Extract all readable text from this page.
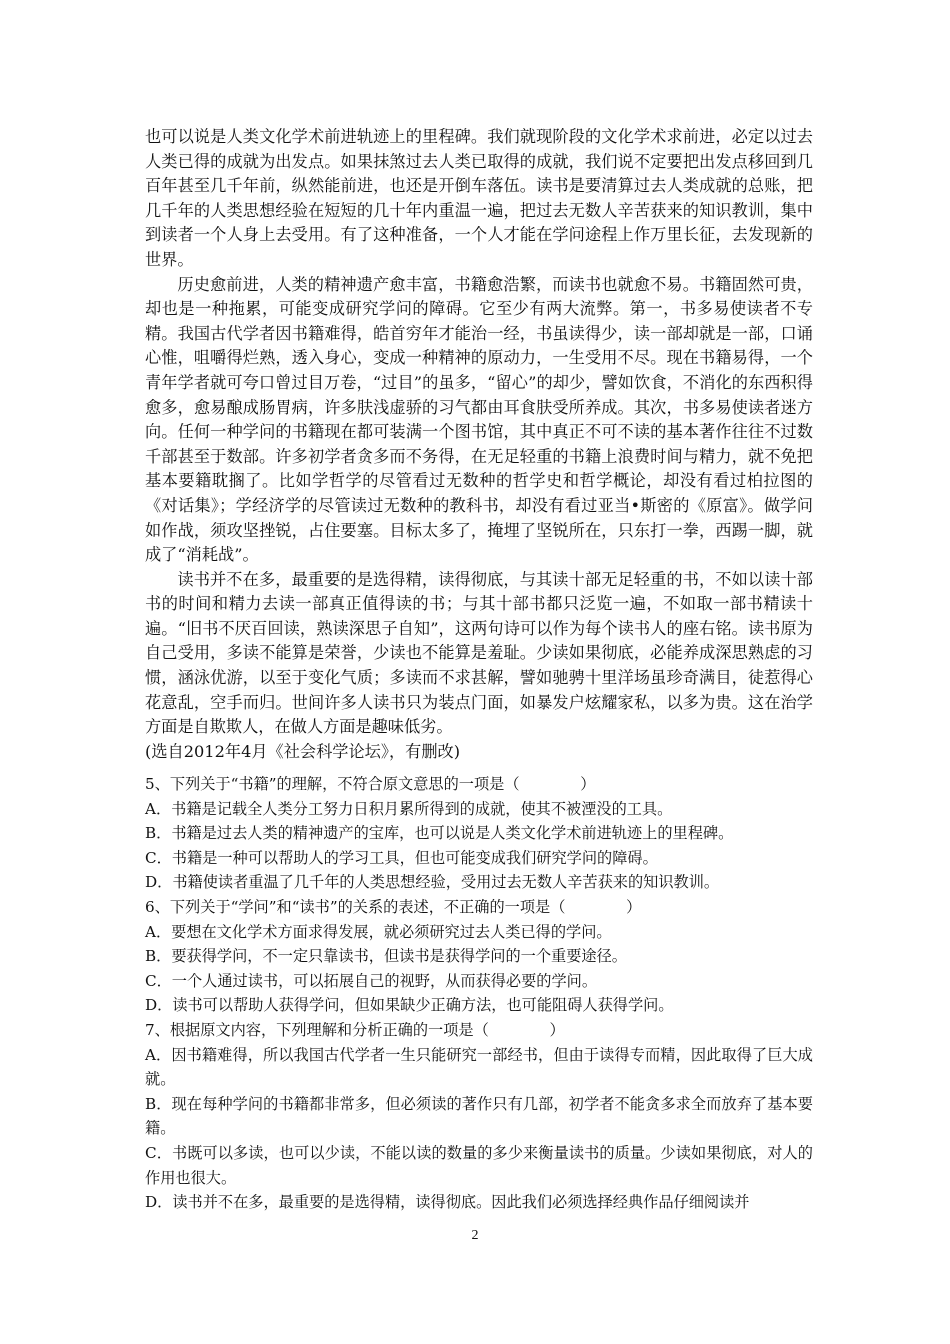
也可以说是人类文化学术前进轨迹上的里程碑。我们就现阶段的文化学术求前进，必定以过去人类已得的成就为出发点。如果抹煞过去人类已取得的成就，我们说不定要把出发点移回到几百年甚至几千年前，纵然能前进，也还是开倒车落伍。读书是要清算过去人类成就的总账，把几千年的人类思想经验在短短的几十年内重温一遍，把过去无数人辛苦获来的知识教训，集中到读者一个人身上去受用。有了这种准备，一个人才能在学问途程上作万里长征，去发现新的世界。

历史愈前进，人类的精神遗产愈丰富，书籍愈浩繁，而读书也就愈不易。书籍固然可贵，却也是一种拖累，可能变成研究学问的障碍。它至少有两大流弊。第一，书多易使读者不专精。我国古代学者因书籍难得，皓首穷年才能治一经，书虽读得少，读一部却就是一部，口诵心惟，咀嚼得烂熟，透入身心，变成一种精神的原动力，一生受用不尽。现在书籍易得，一个青年学者就可夸口曾过目万卷，“过目”的虽多，“留心”的却少，譬如饮食，不消化的东西积得愈多，愈易酿成肠胃病，许多肤浅虚骄的习气都由耳食肤受所养成。其次，书多易使读者迷方向。任何一种学问的书籍现在都可装满一个图书馆，其中真正不可不读的基本著作往往不过数千部甚至于数部。许多初学者贪多而不务得，在无足轻重的书籍上浪费时间与精力，就不免把基本要籍耽搁了。比如学哲学的尽管看过无数种的哲学史和哲学概论，却没有看过柏拉图的《对话集》；学经济学的尽管读过无数种的教科书，却没有看过亚当•斯密的《原富》。做学问如作战，须攻坚挫锐，占住要塞。目标太多了，掩埋了坚锐所在，只东打一拳，西踢一脚，就成了“消耗战”。

读书并不在多，最重要的是选得精，读得彻底，与其读十部无足轻重的书，不如以读十部书的时间和精力去读一部真正值得读的书；与其十部书都只泛览一遍，不如取一部书精读十遍。“旧书不厌百回读，熟读深思子自知”，这两句诗可以作为每个读书人的座右铭。读书原为自己受用，多读不能算是荣誉，少读也不能算是羞耻。少读如果彻底，必能养成深思熟虑的习惯，涵泳优游，以至于变化气质；多读而不求甚解，譬如驰骋十里洋场虽珍奇满目，徒惹得心花意乱，空手而归。世间许多人读书只为装点门面，如暴发户炫耀家私，以多为贵。这在治学方面是自欺欺人，在做人方面是趣味低劣。

(选自2012年4月《社会科学论坛》，有删改)

5、下列关于“书籍”的理解，不符合原文意思的一项是（　　　　）

A．书籍是记载全人类分工努力日积月累所得到的成就，使其不被湮没的工具。

B．书籍是过去人类的精神遗产的宝库，也可以说是人类文化学术前进轨迹上的里程碑。

C．书籍是一种可以帮助人的学习工具，但也可能变成我们研究学问的障碍。

D．书籍使读者重温了几千年的人类思想经验，受用过去无数人辛苦获来的知识教训。

6、下列关于“学问”和“读书”的关系的表述，不正确的一项是（　　　　）

A．要想在文化学术方面求得发展，就必须研究过去人类已得的学问。

B．要获得学问，不一定只靠读书，但读书是获得学问的一个重要途径。

C．一个人通过读书，可以拓展自己的视野，从而获得必要的学问。

D．读书可以帮助人获得学问，但如果缺少正确方法，也可能阻碍人获得学问。

7、根据原文内容，下列理解和分析正确的一项是（　　　　）

A．因书籍难得，所以我国古代学者一生只能研究一部经书，但由于读得专而精，因此取得了巨大成就。

B．现在每种学问的书籍都非常多，但必须读的著作只有几部，初学者不能贪多求全而放弃了基本要籍。

C．书既可以多读，也可以少读，不能以读的数量的多少来衡量读书的质量。少读如果彻底，对人的作用也很大。

D．读书并不在多，最重要的是选得精，读得彻底。因此我们必须选择经典作品仔细阅读并

2
